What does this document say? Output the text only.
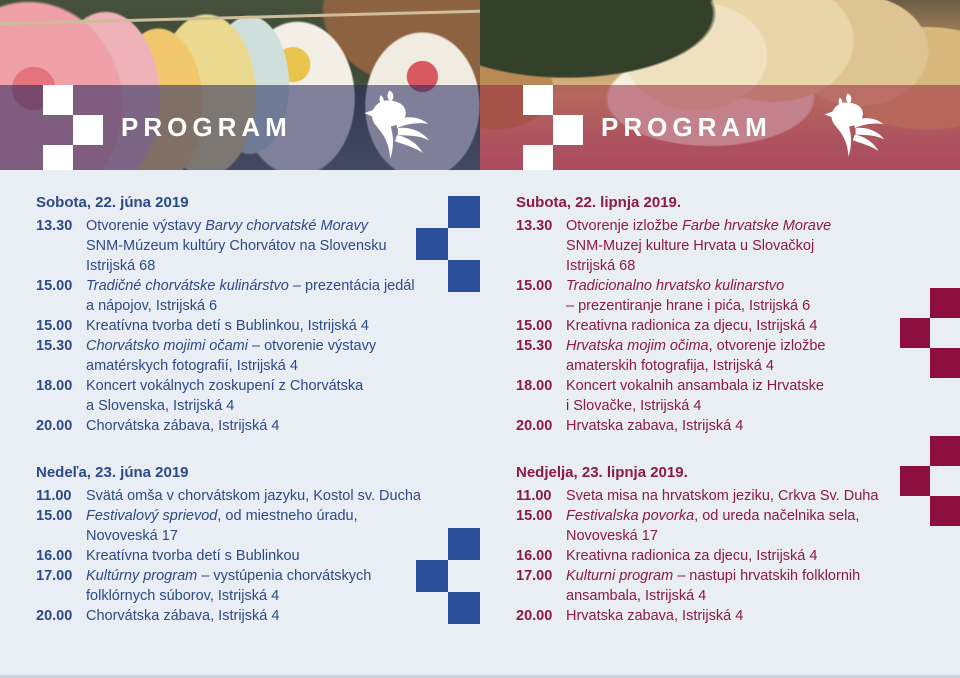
PROGRAM
Sobota, 22. júna 2019
13.30 Otvorenie výstavy Barvy chorvatské Moravy
SNM-Múzeum kultúry Chorvátov na Slovensku
Istrijská 68
15.00 Tradičné chorvátske kulinárstvo – prezentácia jedál
a nápojov, Istrijská 6
15.00 Kreatívna tvorba detí s Bublinkou, Istrijská 4
15.30 Chorvátsko mojimi očami – otvorenie výstavy
amatérskych fotografií, Istrijská 4
18.00 Koncert vokálnych zoskupení z Chorvátska
a Slovenska, Istrijská 4
20.00 Chorvátska zábava, Istrijská 4
Nedeľa, 23. júna 2019
11.00	Svätá omša v chorvátskom jazyku, Kostol sv. Ducha
15.00 Festivalový sprievod, od miestneho úradu,
Novoveská 17
16.00 Kreatívna tvorba detí s Bublinkou
17.00 Kultúrny program – vystúpenia chorvátskych
folklórnych súborov, Istrijská 4
20.00 Chorvátska zábava, Istrijská 4
PROGRAM
Subota, 22. lipnja 2019.
13.30 Otvorenje izložbe Farbe hrvatske Morave
SNM-Muzej kulture Hrvata u Slovačkoj
Istrijská 68
15.00 Tradicionalno hrvatsko kulinarstvo
– prezentiranje hrane i pića, Istrijská 6
15.00 Kreativna radionica za djecu, Istrijská 4
15.30 Hrvatska mojim očima, otvorenje izložbe
amaterskih fotografija, Istrijská 4
18.00 Koncert vokalnih ansambala iz Hrvatske
i Slovačke, Istrijská 4
20.00 Hrvatska zabava, Istrijská 4
Nedjelja, 23. lipnja 2019.
11.00	Sveta misa na hrvatskom jeziku, Crkva Sv. Duha
15.00 Festivalska povorka, od ureda načelnika sela,
Novoveská 17
16.00 Kreativna radionica za djecu, Istrijská 4
17.00 Kulturni program – nastupi hrvatskih folklornih
ansambala, Istrijská 4
20.00 Hrvatska zabava, Istrijská 4
